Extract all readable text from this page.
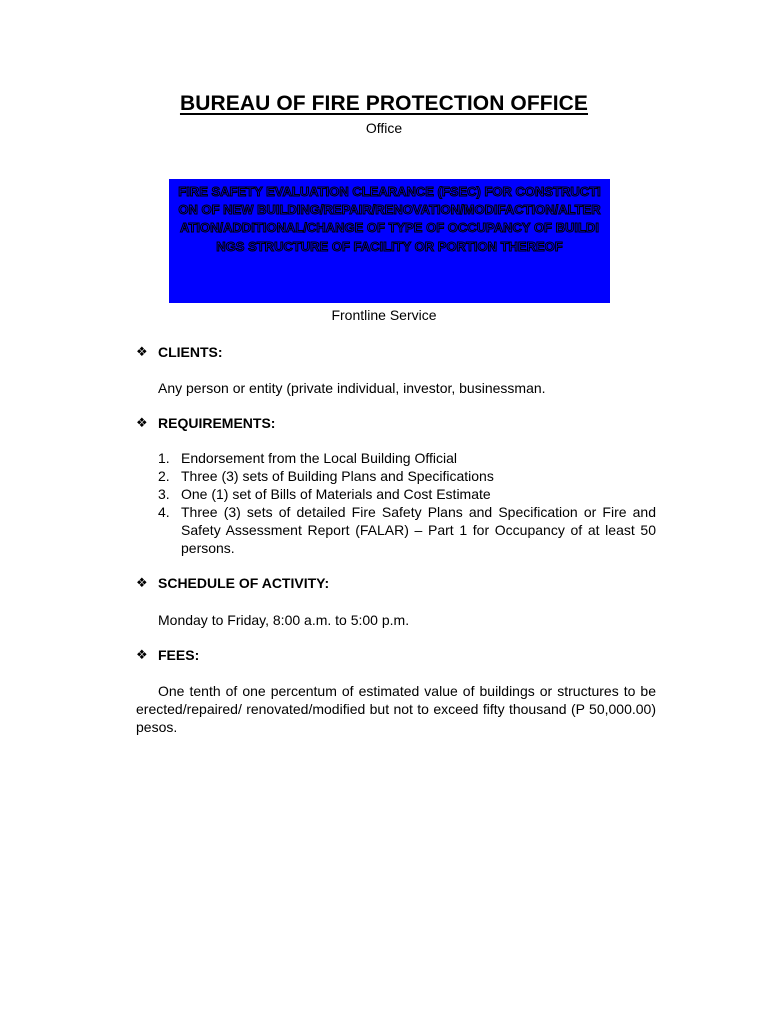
BUREAU OF FIRE PROTECTION OFFICE
Office
FIRE SAFETY EVALUATION CLEARANCE (FSEC) FOR CONSTRUCTION OF NEW BUILDING/REPAIR/RENOVATION/MODIFACTION/ALTERATION/ADDITIONAL/CHANGE OF TYPE OF OCCUPANCY OF BUILDINGS STRUCTURE OF FACILITY OR PORTION THEREOF
Frontline Service
❖ CLIENTS:
Any person or entity (private individual, investor, businessman.
❖ REQUIREMENTS:
1. Endorsement from the Local Building Official
2. Three (3) sets of Building Plans and Specifications
3. One (1) set of Bills of Materials and Cost Estimate
4. Three (3) sets of detailed Fire Safety Plans and Specification or Fire and Safety Assessment Report (FALAR) – Part 1 for Occupancy of at least 50 persons.
❖ SCHEDULE OF ACTIVITY:
Monday to Friday, 8:00 a.m. to 5:00 p.m.
❖ FEES:
One tenth of one percentum of estimated value of buildings or structures to be erected/repaired/ renovated/modified but not to exceed fifty thousand (P 50,000.00) pesos.
